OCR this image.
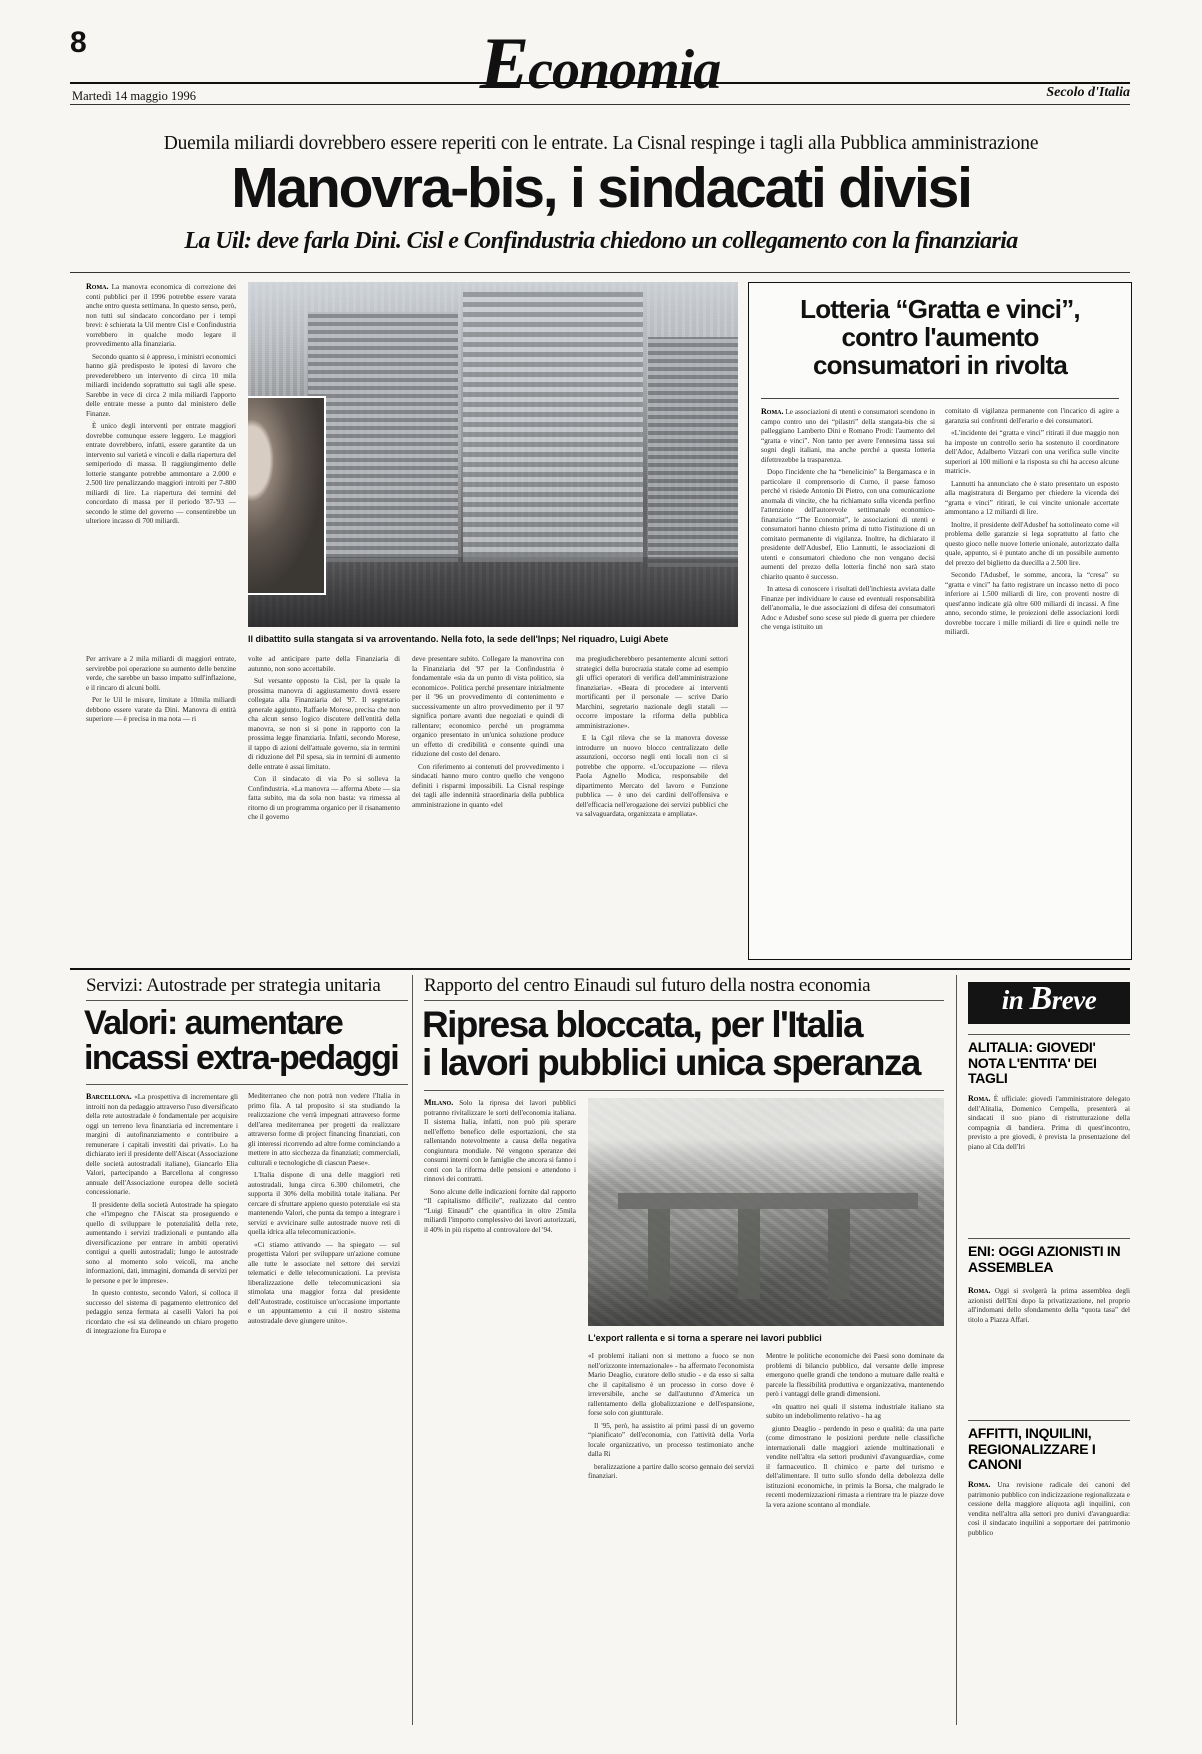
8	Economia
Martedì 14 maggio 1996	Secolo d'Italia
Duemila miliardi dovrebbero essere reperiti con le entrate. La Cisnal respinge i tagli alla Pubblica amministrazione
Manovra-bis, i sindacati divisi
La Uil: deve farla Dini. Cisl e Confindustria chiedono un collegamento con la finanziaria
Il dibattito sulla stangata si va arroventando. Nella foto, la sede dell'Inps; Nel riquadro, Luigi Abete

Roma. La manovra economica di correzione dei conti pubblici per il 1996 potrebbe essere varata anche entro questa settimana. In questo senso, però, non tutti sul sindacato concordano per i tempi brevi: è schierata la Uil mentre Cisl e Confindustria vorrebbero in qualche modo legare il provvedimento alla finanziaria.

Secondo quanto si è appreso, i ministri economici hanno già predisposto le ipotesi di lavoro che prevederebbero un intervento di circa 10 mila miliardi incidendo soprattutto sui tagli alle spese. Sarebbe in vece di circa 2 mila miliardi l'apporto delle entrate messe a punto dal ministero delle Finanze.

È unico degli interventi per entrate maggiori dovrebbe comunque essere leggero. Le maggiori entrate dovrebbero, infatti, essere garantite da un intervento sul varietá e vincoli e dalla riapertura del semiperiodo di massa. Il raggiungimento delle lotterie stangante potrebbe ammontare a 2.000 e 2.500 lire penalizzando maggiori introiti per 7-800 miliardi di lire. La riapertura dei termini del concordato di massa per il periodo '87-'93 — secondo le stime del governo — consentirebbe un ulteriore incasso di 700 miliardi.

Per arrivare a 2 mila miliardi di maggiori entrate, servirebbe poi operazione su aumento delle benzine verde, che sarebbe un basso impatto sull'inflazione, e il rincaro di alcuni bolli.

Per le Uil le misure, limitate a 10mila miliardi debbono essere varate da Dini. Manovra di entità superiore — è precisa in ma nota — ri

volte ad anticipare parte della Finanziaria di autunno, non sono accettabile.

Sul versante opposto la Cisl, per la quale la prossima manovra di aggiustamento dovrà essere collegata alla Finanziaria del '97. Il segretario generale aggiunto, Raffaele Morese, precisa che non cha alcun senso logico discutere dell'entità della manovra, se non si si pone in rapporto con la prossima legge finanziaria. Infatti, secondo Morese, il tappo di azioni dell'attuale governo, sia in termini di riduzione del Pil spesa, sia in termini di aumento delle entrate è assai limitato.

Con il sindacato di via Po si solleva la Confindustria. «La manovra — afferma Abete — sia fatta subito, ma da sola non basta: va rimessa al ritorno di un programma organico per il risanamento che il governo

deve presentare subito. Collegare la manovrina con la Finanziaria del '97 per la Confindustria è fondamentale «sia da un punto di vista politico, sia economico». Politica perché presentare inizialmente per il '96 un provvedimento di contenimento e successivamente un altro provvedimento per il '97 significa portare avanti due negoziati e quindi di rallentare; economico perché un programma organico presentato in un'unica soluzione produce un effetto di credibilità e consente quindi una riduzione del costo del denaro.

Con riferimento ai contenuti del provvedimento i sindacati hanno muro contro quello che vengono definiti i risparmi impossibili. La Cisnal respinge dei tagli alle indennità straordinaria della pubblica amministrazione in quanto «del

ma pregiudicherebbero pesantemente alcuni settori strategici della burocrazia statale come ad esempio gli uffici operatori di verifica dell'amministrazione finanziaria». «Beata di procedere ai interventi mortificanti per il personale — scrive Dario Marchini, segretario nazionale degli statali — occorre impostare la riforma della pubblica amministrazione».

E la Cgil rileva che se la manovra dovesse introdurre un nuovo blocco centralizzato delle assunzioni, occorso negli enti locali non ci si potrebbe che opporre. «L'occupazione — rileva Paola Agnello Modica, responsabile del dipartimento Mercato del lavoro e Funzione pubblica — è uno dei cardini dell'offensiva e dell'efficacia nell'erogazione dei servizi pubblici che va salvaguardata, organizzata e ampliata».

Lotteria “Gratta e vinci”,
contro l'aumento
consumatori in rivolta

Roma. Le associazioni di utenti e consumatori scendono in campo contro uno dei “pilastri” della stangata-bis che si palleggiano Lamberto Dini e Romano Prodi: l'aumento del “gratta e vinci”. Non tanto per avere l'ennesima tassa sui sogni degli italiani, ma anche perché a questa lotteria difettrezebbe la trasparenza.

Dopo l'incidente che ha “benelicinio” la Bergamasca e in particolare il comprensorio di Curno, il paese famoso perché vi risiede Antonio Di Pietro, con una comunicazione anomala di vincite, che ha richiamato sulla vicenda perfino l'attenzione dell'autorevole settimanale economico-finanziario “The Economist”, le associazioni di utenti e consumatori hanno chiesto prima di tutto l'istituzione di un comitato permanente di vigilanza. Inoltre, ha dichiarato il presidente dell'Adusbef, Elio Lannutti, le associazioni di utenti e consumatori chiedono che non vengano decisi aumenti del prezzo della lotteria finché non sarà stato chiarito quanto è successo.

In attesa di conoscere i risultati dell'inchiesta avviata dalle Finanze per individuare le cause ed eventuali responsabilità dell'anomalia, le due associazioni di difesa dei consumatori Adoc e Adusbef sono scese sul piede di guerra per chiedere che venga istituito un

comitato di vigilanza permanente con l'incarico di agire a garanzia sui confronti dell'erario e dei consumatori.

«L'incidente dei “gratta e vinci” ritirati il due maggio non ha imposte un controllo serio ha sostenuto il coordinatore dell'Adoc, Adalberto Vizzari con una verifica sulle vincite superiori ai 100 milioni e la risposta su chi ha acceso alcune matrici».

Lannutti ha annunciato che è stato presentato un esposto alla magistratura di Bergamo per chiedere la vicenda dei “gratta e vinci” ritirati, le cui vincite unionale accertate ammontano a 12 miliardi di lire.

Inoltre, il presidente dell'Adusbef ha sottolineato come «il problema delle garanzie si lega soprattutto al fatto che questo gioco nelle nuove lotterie unionale, autorizzato dalla quale, appunto, si è puntato anche di un possibile aumento del prezzo del biglietto da duecilla a 2.500 lire.

Secondo l'Adusbef, le somme, ancora, la “cresa” su “gratta e vinci” ha fatto registrare un incasso netto di poco inferiore ai 1.500 miliardi di lire, con proventi nostre di quest'anno indicate già oltre 600 miliardi di incassi. A fine anno, secondo stime, le proiezioni delle associazioni lordi dovrebbe toccare i mille miliardi di lire e quindi nelle tre miliardi.

Servizi: Autostrade per strategia unitaria
Valori: aumentare
incassi extra-pedaggi

Barcellona. «La prospettiva di incrementare gli introiti non da pedaggio attraverso l'uso diversificato della rete autostradale è fondamentale per acquisire oggi un terreno leva finanziaria ed incrementare i margini di autofinanziamento e contribuire a remunerare i capitali investiti dai privati». Lo ha dichiarato ieri il presidente dell'Aiscat (Associazione delle società autostradali italiane), Giancarlo Elia Valori, partecipando a Barcellona al congresso annuale dell'Associazione europea delle società concessionarie.

Il presidente della società Autostrade ha spiegato che «l'impegno che l'Aiscat sta proseguendo e quello di sviluppare le potenzialità della rete, aumentando i servizi tradizionali e puntando alla diversificazione per entrare in ambiti operativi contigui a quelli autostradali; lungo le autostrade sono al momento solo veicoli, ma anche informazioni, dati, immagini, domanda di servizi per le persone e per le imprese».

In questo contesto, secondo Valori, si colloca il successo del sistema di pagamento elettronico del pedaggio senza fermata ai caselli Valori ha poi ricordato che «si sta delineando un chiaro progetto di integrazione fra Europa e

Mediterraneo che non potrà non vedere l'Italia in primo fila. A tal proposito si sta studiando la realizzazione che verrà impegnati attraverso forme dell'area mediterranea per progetti da realizzare attraverso forme di project financing finanziati, con gli interessi ricorrendo ad altre forme cominciando a mettere in atto sicchezza da finanziati; commerciali, culturali e tecnologiche di ciascun Paese».

L'Italia dispone di una delle maggiori reti autostradali, lunga circa 6.300 chilometri, che supporta il 30% della mobilità totale italiana. Per cercare di sfruttare appieno questo potenziale «si sta mantenendo Valori, che punta da tempo a integrare i servizi e avvicinare sulle autostrade nuove reti di quella idrica alla telecomunicazioni».

«Ci stiamo attivando — ha spiegato — sul progettista Valori per sviluppare un'azione comune alle tutte le associate nel settore dei servizi telematici e delle telecomunicazioni. La prevista liberalizzazione delle telecomunicazioni sia stimolata una maggior forza dal presidente dell'Autostrade, costituisce un'occasione importante e un appuntamento a cui il nostro sistema autostradale deve giungere unito».

Rapporto del centro Einaudi sul futuro della nostra economia
Ripresa bloccata, per l'Italia
i lavori pubblici unica speranza

Milano. Solo la ripresa dei lavori pubblici potranno rivitalizzare le sorti dell'economia italiana. Il sistema Italia, infatti, non può più sperare nell'effetto benefico delle esportazioni, che sta rallentando notevolmente a causa della negativa congiuntura mondiale. Né vengono speranze dei consumi interni con le famiglie che ancora si fanno i conti con la riforma delle pensioni e attendono i rinnovi dei contratti.

Sono alcune delle indicazioni fornite dal rapporto “Il capitalismo difficile”, realizzato dal centro “Luigi Einaudi” che quantifica in oltre 25mila miliardi l'importo complessivo dei lavori autorizzati, il 40% in più rispetto al controvalore del '94.

L'export rallenta e si torna a sperare nei lavori pubblici

«I problemi italiani non si mettono a fuoco se non nell'orizzonte internazionale» - ha affermato l'economista Mario Deaglio, curatore dello studio - e da esso si salta che il capitalismo è un processo in corso dove è irreversibile, anche se dall'autunno d'America un rallentamento della globalizzazione e dell'espansione, forse solo con giuntturale.

Il '95, però, ha assistito ai primi passi di un governo “pianificato” dell'economia, con l'attività della Vorla locale organizzativo, un processo testimoniato anche dalla Ri

beralizzazione a partire dallo scorso gennaio dei servizi finanziari.

Mentre le politiche economiche dei Paesi sono dominate da problemi di bilancio pubblico, dal versante delle imprese emergono quelle grandi che tendono a mutuare dalle realtà e parcele la flessibilità produttiva e organizzativa, mantenendo però i vantaggi delle grandi dimensioni.

«In quattro nei quali il sistema industriale italiano sta subito un indebolimento relativo - ha ag

giunto Deaglio - perdendo in peso e qualità: da una parte (come dimostrano le posizioni perdute nelle classifiche internazionali dalle maggiori aziende multinazionali e vendite nell'altra «la settori produnivi d'avanguardia», come il farmaceutico. Il chimico e parte del turismo e dell'alimentare. Il tutto sullo sfondo della debolezza delle istituzioni economiche, in primis la Borsa, che malgrado le recenti modernizzazioni rimasta a rientrare tra le piazze dove la vera azione scontano al mondiale.

in Breve
ALITALIA: GIOVEDI' NOTA L'ENTITA' DEI TAGLI

Roma. È ufficiale: giovedì l'amministratore delegato dell'Alitalia, Domenico Cempella, presenterà ai sindacati il suo piano di ristrutturazione della compagnia di bandiera. Prima di quest'incontro, previsto a pre giovedi, è prevista la presentazione del piano al Cda dell'Iri

ENI: OGGI AZIONISTI IN ASSEMBLEA

Roma. Oggi si svolgerà la prima assemblea degli azionisti dell'Eni dopo la privatizzazione, nel proprio all'indomani dello sfondamento della “quota tasa” del titolo a Piazza Affari.

AFFITTI, INQUILINI, REGIONALIZZARE I CANONI

Roma. Una revisione radicale dei canoni del patrimonio pubblico con indicizzazione regionalizzata e cessione della maggiore aliquota agli inquilini, con vendita nell'altra alla settori pro dunivi d'avanguardia: così il sindacato inquilini a sopportare dei patrimonio pubblico
